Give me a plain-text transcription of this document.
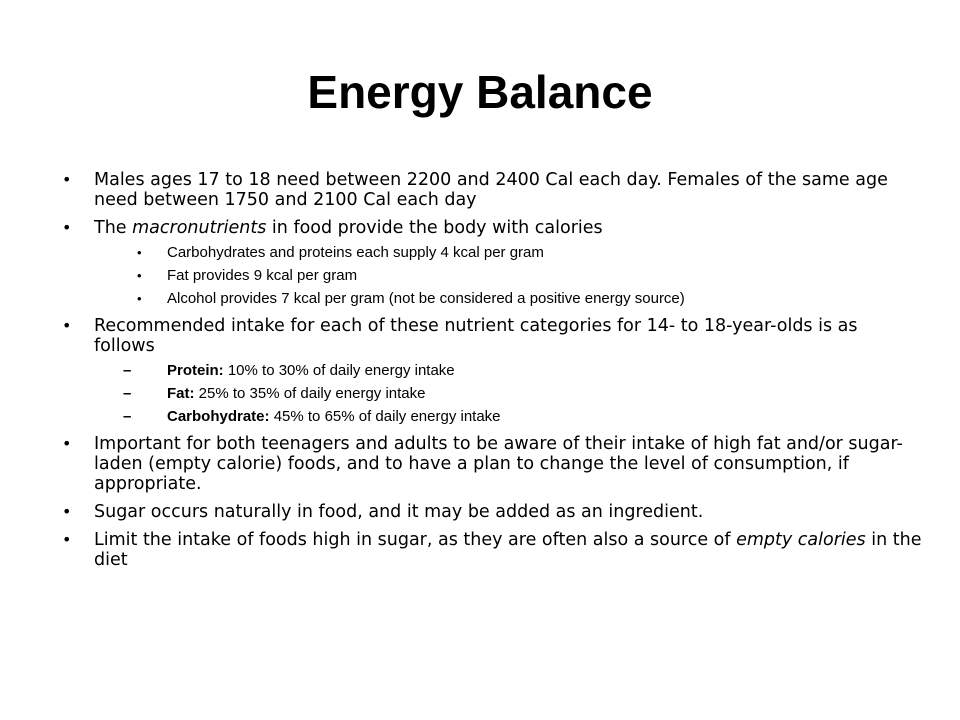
Energy Balance
• Males ages 17 to 18 need between 2200 and 2400 Cal each day. Females of the same age need between 1750 and 2100 Cal each day
• The macronutrients in food provide the body with calories
• Carbohydrates and proteins each supply 4 kcal per gram
• Fat provides 9 kcal per gram
• Alcohol provides 7 kcal per gram (not be considered a positive energy source)
• Recommended intake for each of these nutrient categories for 14- to 18-year-olds is as follows
– Protein: 10% to 30% of daily energy intake
– Fat: 25% to 35% of daily energy intake
– Carbohydrate: 45% to 65% of daily energy intake
• Important for both teenagers and adults to be aware of their intake of high fat and/or sugar-laden (empty calorie) foods, and to have a plan to change the level of consumption, if appropriate.
• Sugar occurs naturally in food, and it may be added as an ingredient.
• Limit the intake of foods high in sugar, as they are often also a source of empty calories in the diet
